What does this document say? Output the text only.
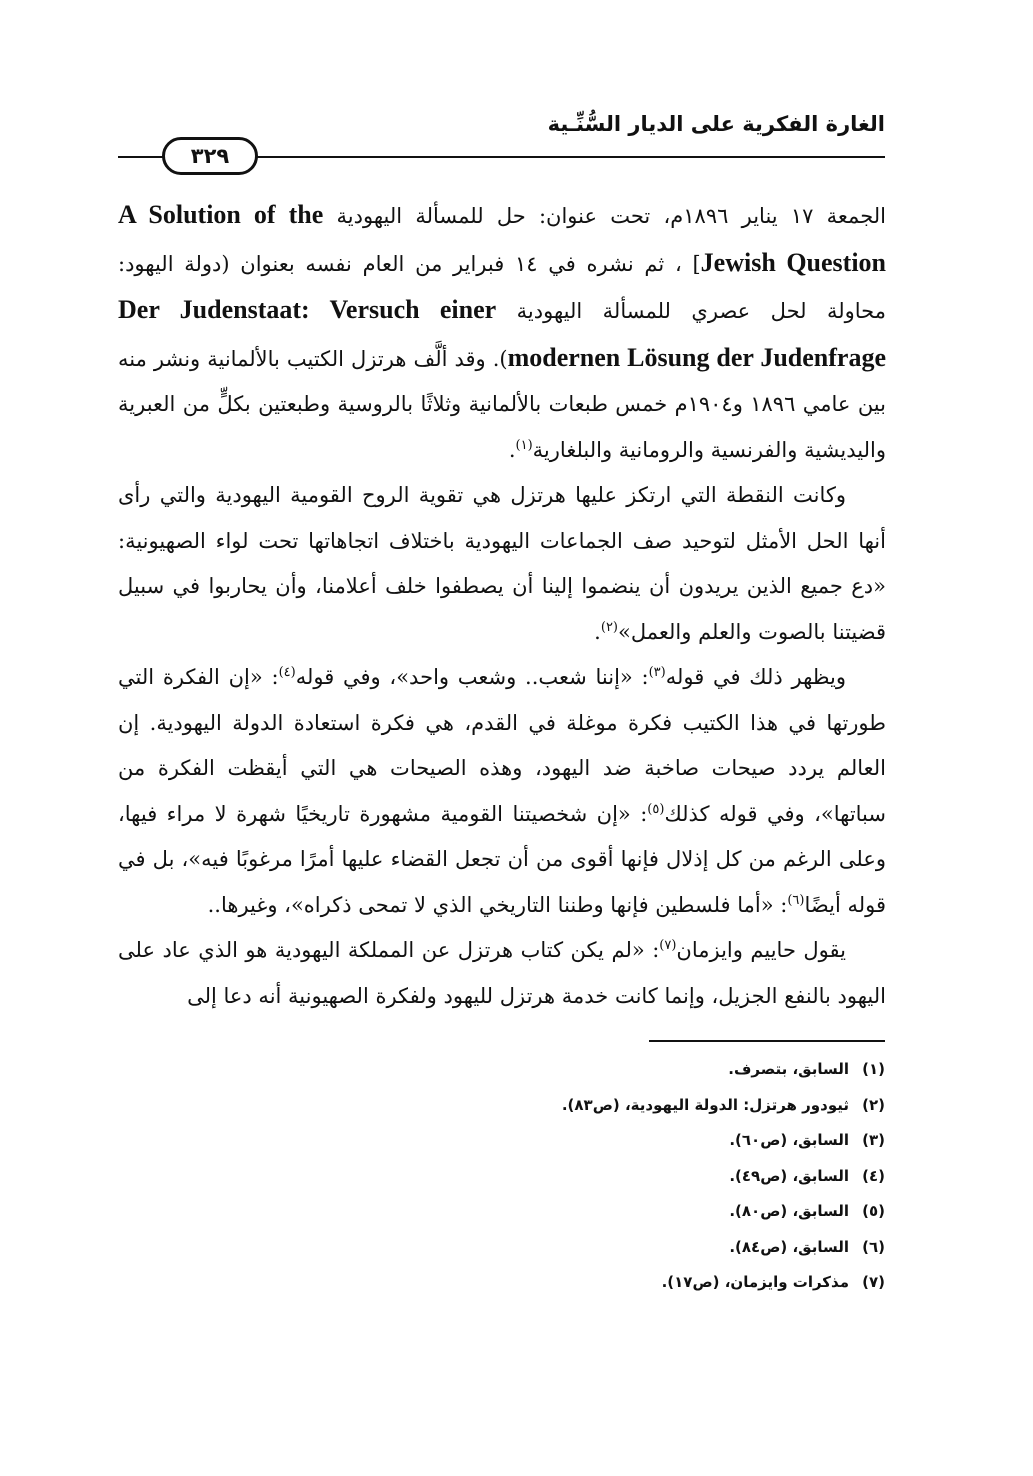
الغارة الفكرية على الديار السُّنِّـية
٣٢٩

الجمعة ١٧ يناير ١٨٩٦م، تحت عنوان: حل للمسألة اليهودية A Solution of the Jewish Question] ، ثم نشره في ١٤ فبراير من العام نفسه بعنوان (دولة اليهود: محاولة لحل عصري للمسألة اليهودية Der Judenstaat: Versuch einer modernen Lösung der Judenfrage). وقد ألَّف هرتزل الكتيب بالألمانية ونشر منه بين عامي ١٨٩٦ و١٩٠٤م خمس طبعات بالألمانية وثلاثًا بالروسية وطبعتين بكلٍّ من العبرية واليديشية والفرنسية والرومانية والبلغارية$^{(١)}$.

وكانت النقطة التي ارتكز عليها هرتزل هي تقوية الروح القومية اليهودية والتي رأى أنها الحل الأمثل لتوحيد صف الجماعات اليهودية باختلاف اتجاهاتها تحت لواء الصهيونية: «دع جميع الذين يريدون أن ينضموا إلينا أن يصطفوا خلف أعلامنا، وأن يحاربوا في سبيل قضيتنا بالصوت والعلم والعمل»$^{(٢)}$.

ويظهر ذلك في قوله$^{(٣)}$: «إننا شعب.. وشعب واحد»، وفي قوله$^{(٤)}$: «إن الفكرة التي طورتها في هذا الكتيب فكرة موغلة في القدم، هي فكرة استعادة الدولة اليهودية. إن العالم يردد صيحات صاخبة ضد اليهود، وهذه الصيحات هي التي أيقظت الفكرة من سباتها»، وفي قوله كذلك$^{(٥)}$: «إن شخصيتنا القومية مشهورة تاريخيًا شهرة لا مراء فيها، وعلى الرغم من كل إذلال فإنها أقوى من أن تجعل القضاء عليها أمرًا مرغوبًا فيه»، بل في قوله أيضًا$^{(٦)}$: «أما فلسطين فإنها وطننا التاريخي الذي لا تمحى ذكراه»، وغيرها..

يقول حاييم وايزمان$^{(٧)}$: «لم يكن كتاب هرتزل عن المملكة اليهودية هو الذي عاد على اليهود بالنفع الجزيل، وإنما كانت خدمة هرتزل لليهود ولفكرة الصهيونية أنه دعا إلى

(١)السابق، بتصرف.
(٢)ثيودور هرتزل: الدولة اليهودية، (ص٨٣).
(٣)السابق، (ص٦٠).
(٤)السابق، (ص٤٩).
(٥)السابق، (ص٨٠).
(٦)السابق، (ص٨٤).
(٧)مذكرات وايزمان، (ص١٧).
